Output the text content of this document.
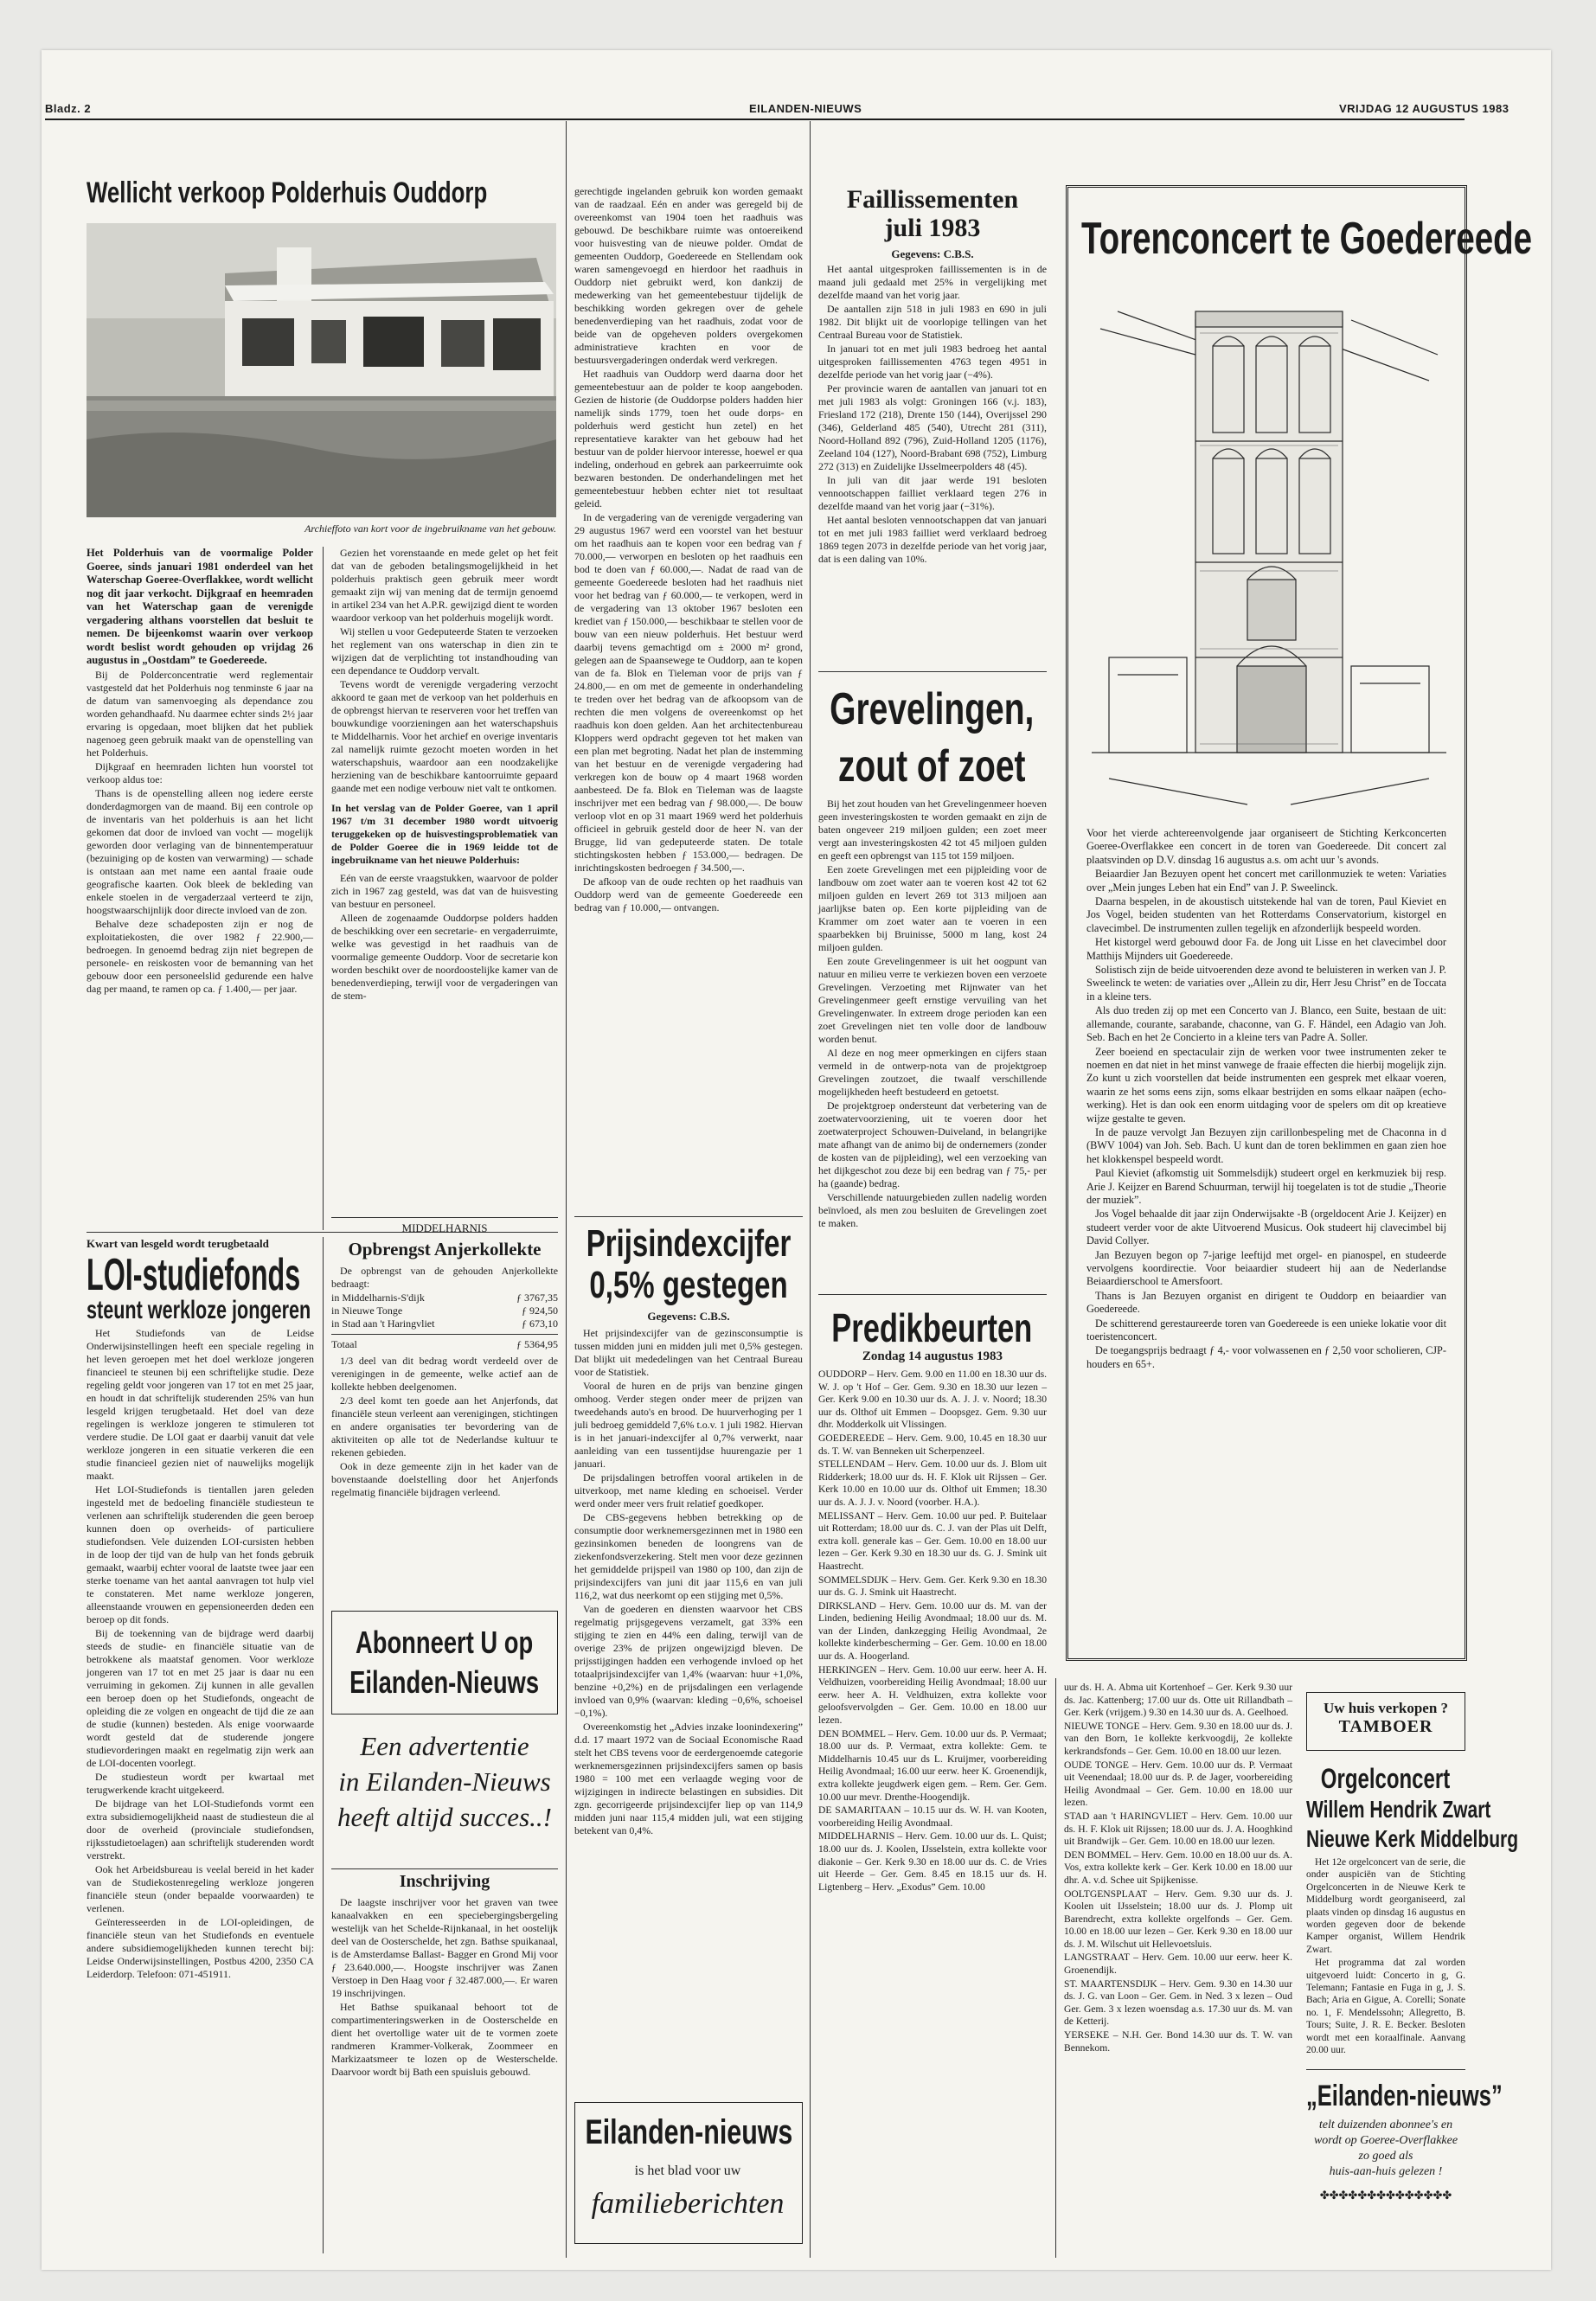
Bladz. 2	EILANDEN-NIEUWS	VRIJDAG 12 AUGUSTUS 1983
Wellicht verkoop Polderhuis Ouddorp
Archieffoto van kort voor de ingebruikname van het gebouw.

Het Polderhuis van de voormalige Polder Goeree, sinds januari 1981 onderdeel van het Waterschap Goeree-Overflakkee, wordt wellicht nog dit jaar verkocht. Dijkgraaf en heemraden van het Waterschap gaan de verenigde vergadering althans voorstellen dat besluit te nemen. De bijeenkomst waarin over verkoop wordt beslist wordt gehouden op vrijdag 26 augustus in „Oostdam” te Goedereede.

Bij de Polderconcentratie werd reglementair vastgesteld dat het Polderhuis nog tenminste 6 jaar na de datum van samenvoeging als dependance zou worden gehandhaafd. Nu daarmee echter sinds 2½ jaar ervaring is opgedaan, moet blijken dat het publiek nagenoeg geen gebruik maakt van de openstelling van het Polderhuis.

Dijkgraaf en heemraden lichten hun voorstel tot verkoop aldus toe:

Thans is de openstelling alleen nog iedere eerste donderdagmorgen van de maand. Bij een controle op de inventaris van het polderhuis is aan het licht gekomen dat door de invloed van vocht — mogelijk geworden door verlaging van de binnentemperatuur (bezuiniging op de kosten van verwarming) — schade is ontstaan aan met name een aantal fraaie oude geografische kaarten. Ook bleek de bekleding van enkele stoelen in de vergaderzaal verteerd te zijn, hoogstwaarschijnlijk door directe invloed van de zon.

Behalve deze schadeposten zijn er nog de exploitatiekosten, die over 1982 ƒ 22.900,— bedroegen. In genoemd bedrag zijn niet begrepen de personele- en reiskosten voor de bemanning van het gebouw door een personeelslid gedurende een halve dag per maand, te ramen op ca. ƒ 1.400,— per jaar.

Gezien het vorenstaande en mede gelet op het feit dat van de geboden betalingsmogelijkheid in het polderhuis praktisch geen gebruik meer wordt gemaakt zijn wij van mening dat de termijn genoemd in artikel 234 van het A.P.R. gewijzigd dient te worden waardoor verkoop van het polderhuis mogelijk wordt.

Wij stellen u voor Gedeputeerde Staten te verzoeken het reglement van ons waterschap in dien zin te wijzigen dat de verplichting tot instandhouding van een dependance te Ouddorp vervalt.

Tevens wordt de verenigde vergadering verzocht akkoord te gaan met de verkoop van het polderhuis en de opbrengst hiervan te reserveren voor het treffen van bouwkundige voorzieningen aan het waterschapshuis te Middelharnis. Voor het archief en overige inventaris zal namelijk ruimte gezocht moeten worden in het waterschapshuis, waardoor aan een noodzakelijke herziening van de beschikbare kantoorruimte gepaard gaande met een nodige verbouw niet valt te ontkomen.

In het verslag van de Polder Goeree, van 1 april 1967 t/m 31 december 1980 wordt uitvoerig teruggekeken op de huisvestingsproblematiek van de Polder Goeree die in 1969 leidde tot de ingebruikname van het nieuwe Polderhuis:

Eén van de eerste vraagstukken, waarvoor de polder zich in 1967 zag gesteld, was dat van de huisvesting van bestuur en personeel.

Alleen de zogenaamde Ouddorpse polders hadden de beschikking over een secretarie- en vergaderruimte, welke was gevestigd in het raadhuis van de voormalige gemeente Ouddorp. Voor de secretarie kon worden beschikt over de noordoostelijke kamer van de benedenverdieping, terwijl voor de vergaderingen van de stem-

gerechtigde ingelanden gebruik kon worden gemaakt van de raadzaal. Eén en ander was geregeld bij de overeenkomst van 1904 toen het raadhuis was gebouwd. De beschikbare ruimte was ontoereikend voor huisvesting van de nieuwe polder. Omdat de gemeenten Ouddorp, Goedereede en Stellendam ook waren samengevoegd en hierdoor het raadhuis in Ouddorp niet gebruikt werd, kon dankzij de medewerking van het gemeentebestuur tijdelijk de beschikking worden gekregen over de gehele benedenverdieping van het raadhuis, zodat voor de beide van de opgeheven polders overgekomen administratieve krachten en voor de bestuursvergaderingen onderdak werd verkregen.

Het raadhuis van Ouddorp werd daarna door het gemeentebestuur aan de polder te koop aangeboden. Gezien de historie (de Ouddorpse polders hadden hier namelijk sinds 1779, toen het oude dorps- en polderhuis werd gesticht hun zetel) en het representatieve karakter van het gebouw had het bestuur van de polder hiervoor interesse, hoewel er qua indeling, onderhoud en gebrek aan parkeerruimte ook bezwaren bestonden. De onderhandelingen met het gemeentebestuur hebben echter niet tot resultaat geleid.

In de vergadering van de verenigde vergadering van 29 augustus 1967 werd een voorstel van het bestuur om het raadhuis aan te kopen voor een bedrag van ƒ 70.000,— verworpen en besloten op het raadhuis een bod te doen van ƒ 60.000,—. Nadat de raad van de gemeente Goedereede besloten had het raadhuis niet voor het bedrag van ƒ 60.000,— te verkopen, werd in de vergadering van 13 oktober 1967 besloten een krediet van ƒ 150.000,— beschikbaar te stellen voor de bouw van een nieuw polderhuis. Het bestuur werd daarbij tevens gemachtigd om ± 2000 m² grond, gelegen aan de Spaansewege te Ouddorp, aan te kopen van de fa. Blok en Tieleman voor de prijs van ƒ 24.800,— en om met de gemeente in onderhandeling te treden over het bedrag van de afkoopsom van de rechten die men volgens de overeenkomst op het raadhuis kon doen gelden. Aan het architectenbureau Kloppers werd opdracht gegeven tot het maken van een plan met begroting. Nadat het plan de instemming van het bestuur en de verenigde vergadering had verkregen kon de bouw op 4 maart 1968 worden aanbesteed. De fa. Blok en Tieleman was de laagste inschrijver met een bedrag van ƒ 98.000,—. De bouw verloop vlot en op 31 maart 1969 werd het polderhuis officieel in gebruik gesteld door de heer N. van der Brugge, lid van gedeputeerde staten. De totale stichtingskosten hebben ƒ 153.000,— bedragen. De inrichtingskosten bedroegen ƒ 34.500,—.

De afkoop van de oude rechten op het raadhuis van Ouddorp werd van de gemeente Goedereede een bedrag van ƒ 10.000,— ontvangen.

Kwart van lesgeld wordt terugbetaald
LOI-studiefonds
steunt werkloze jongeren

Het Studiefonds van de Leidse Onderwijsinstellingen heeft een speciale regeling in het leven geroepen met het doel werkloze jongeren financieel te steunen bij een schriftelijke studie. Deze regeling geldt voor jongeren van 17 tot en met 25 jaar, en houdt in dat schriftelijk studerenden 25% van hun lesgeld krijgen terugbetaald. Het doel van deze regelingen is werkloze jongeren te stimuleren tot verdere studie. De LOI gaat er daarbij vanuit dat vele werkloze jongeren in een situatie verkeren die een studie financieel gezien niet of nauwelijks mogelijk maakt.

Het LOI-Studiefonds is tientallen jaren geleden ingesteld met de bedoeling financiële studiesteun te verlenen aan schriftelijk studerenden die geen beroep kunnen doen op overheids- of particuliere studiefondsen. Vele duizenden LOI-cursisten hebben in de loop der tijd van de hulp van het fonds gebruik gemaakt, waarbij echter vooral de laatste twee jaar een sterke toename van het aantal aanvragen tot hulp viel te constateren. Met name werkloze jongeren, alleenstaande vrouwen en gepensioneerden deden een beroep op dit fonds.

Bij de toekenning van de bijdrage werd daarbij steeds de studie- en financiële situatie van de betrokkene als maatstaf genomen. Voor werkloze jongeren van 17 tot en met 25 jaar is daar nu een verruiming in gekomen. Zij kunnen in alle gevallen een beroep doen op het Studiefonds, ongeacht de opleiding die ze volgen en ongeacht de tijd die ze aan de studie (kunnen) besteden. Als enige voorwaarde wordt gesteld dat de studerende jongere studievorderingen maakt en regelmatig zijn werk aan de LOI-docenten voorlegt.

De studiesteun wordt per kwartaal met terugwerkende kracht uitgekeerd.

De bijdrage van het LOI-Studiefonds vormt een extra subsidiemogelijkheid naast de studiesteun die al door de overheid (provinciale studiefondsen, rijksstudietoelagen) aan schriftelijk studerenden wordt verstrekt.

Ook het Arbeidsbureau is veelal bereid in het kader van de Studiekostenregeling werkloze jongeren financiële steun (onder bepaalde voorwaarden) te verlenen.

Geïnteresseerden in de LOI-opleidingen, de financiële steun van het Studiefonds en eventuele andere subsidiemogelijkheden kunnen terecht bij: Leidse Onderwijsinstellingen, Postbus 4200, 2350 CA Leiderdorp. Telefoon: 071-451911.

MIDDELHARNIS
Opbrengst Anjerkollekte

De opbrengst van de gehouden Anjerkollekte bedraagt:

in Middelharnis-S'dijk	ƒ 3767,35
in Nieuwe Tonge	ƒ 924,50
in Stad aan 't Haringvliet	ƒ 673,10
Totaal	ƒ 5364,95

1/3 deel van dit bedrag wordt verdeeld over de verenigingen in de gemeente, welke actief aan de kollekte hebben deelgenomen.

2/3 deel komt ten goede aan het Anjerfonds, dat financiële steun verleent aan verenigingen, stichtingen en andere organisaties ter bevordering van de aktiviteiten op alle tot de Nederlandse kultuur te rekenen gebieden.

Ook in deze gemeente zijn in het kader van de bovenstaande doelstelling door het Anjerfonds regelmatig financiële bijdragen verleend.

Abonneert U op
Eilanden-Nieuws
Een advertentie
in Eilanden-Nieuws
heeft altijd succes..!
Inschrijving

De laagste inschrijver voor het graven van twee kanaalvakken en een speciebergingsbergeling westelijk van het Schelde-Rijnkanaal, in het oostelijk deel van de Oosterschelde, het zgn. Bathse spuikanaal, is de Amsterdamse Ballast- Bagger en Grond Mij voor ƒ 23.640.000,—. Hoogste inschrijver was Zanen Verstoep in Den Haag voor ƒ 32.487.000,—. Er waren 19 inschrijvingen.

Het Bathse spuikanaal behoort tot de compartimenteringswerken in de Oosterschelde en dient het overtollige water uit de te vormen zoete randmeren Krammer-Volkerak, Zoommeer en Markizaatsmeer te lozen op de Westerschelde. Daarvoor wordt bij Bath een spuisluis gebouwd.

Faillissementen
juli 1983
Gegevens: C.B.S.

Het aantal uitgesproken faillissementen is in de maand juli gedaald met 25% in vergelijking met dezelfde maand van het vorig jaar.

De aantallen zijn 518 in juli 1983 en 690 in juli 1982. Dit blijkt uit de voorlopige tellingen van het Centraal Bureau voor de Statistiek.

In januari tot en met juli 1983 bedroeg het aantal uitgesproken faillissementen 4763 tegen 4951 in dezelfde periode van het vorig jaar (−4%).

Per provincie waren de aantallen van januari tot en met juli 1983 als volgt: Groningen 166 (v.j. 183), Friesland 172 (218), Drente 150 (144), Overijssel 290 (346), Gelderland 485 (540), Utrecht 281 (311), Noord-Holland 892 (796), Zuid-Holland 1205 (1176), Zeeland 104 (127), Noord-Brabant 698 (752), Limburg 272 (313) en Zuidelijke IJsselmeerpolders 48 (45).

In juli van dit jaar werde 191 besloten vennootschappen failliet verklaard tegen 276 in dezelfde maand van het vorig jaar (−31%).

Het aantal besloten vennootschappen dat van januari tot en met juli 1983 failliet werd verklaard bedroeg 1869 tegen 2073 in dezelfde periode van het vorig jaar, dat is een daling van 10%.

Grevelingen,
zout of zoet

Bij het zout houden van het Grevelingenmeer hoeven geen investeringskosten te worden gemaakt en zijn de baten ongeveer 219 miljoen gulden; een zoet meer vergt aan investeringskosten 42 tot 45 miljoen gulden en geeft een opbrengst van 115 tot 159 miljoen.

Een zoete Grevelingen met een pijpleiding voor de landbouw om zoet water aan te voeren kost 42 tot 62 miljoen gulden en levert 269 tot 313 miljoen aan jaarlijkse baten op. Een korte pijpleiding van de Krammer om zoet water aan te voeren in een spaarbekken bij Bruinisse, 5000 m lang, kost 24 miljoen gulden.

Een zoute Grevelingenmeer is uit het oogpunt van natuur en milieu verre te verkiezen boven een verzoete Grevelingen. Verzoeting met Rijnwater van het Grevelingenmeer geeft ernstige vervuiling van het Grevelingenwater. In extreem droge perioden kan een zoet Grevelingen niet ten volle door de landbouw worden benut.

Al deze en nog meer opmerkingen en cijfers staan vermeld in de ontwerp-nota van de projektgroep Grevelingen zoutzoet, die twaalf verschillende mogelijkheden heeft bestudeerd en getoetst.

De projektgroep ondersteunt dat verbetering van de zoetwatervoorziening, uit te voeren door het zoetwaterproject Schouwen-Duiveland, in belangrijke mate afhangt van de animo bij de ondernemers (zonder de kosten van de pijpleiding), wel een verzoeking van het dijkgeschot zou deze bij een bedrag van ƒ 75,- per ha (gaande) bedrag.

Verschillende natuurgebieden zullen nadelig worden beïnvloed, als men zou besluiten de Grevelingen zoet te maken.

Prijsindexcijfer
0,5% gestegen
Gegevens: C.B.S.

Het prijsindexcijfer van de gezinsconsumptie is tussen midden juni en midden juli met 0,5% gestegen. Dat blijkt uit mededelingen van het Centraal Bureau voor de Statistiek.

Vooral de huren en de prijs van benzine gingen omhoog. Verder stegen onder meer de prijzen van tweedehands auto's en brood. De huurverhoging per 1 juli bedroeg gemiddeld 7,6% t.o.v. 1 juli 1982. Hiervan is in het januari-indexcijfer al 0,7% verwerkt, naar aanleiding van een tussentijdse huurengazie per 1 januari.

De prijsdalingen betroffen vooral artikelen in de uitverkoop, met name kleding en schoeisel. Verder werd onder meer vers fruit relatief goedkoper.

De CBS-gegevens hebben betrekking op de consumptie door werknemersgezinnen met in 1980 een gezinsinkomen beneden de loongrens van de ziekenfondsverzekering. Stelt men voor deze gezinnen het gemiddelde prijspeil van 1980 op 100, dan zijn de prijsindexcijfers van juni dit jaar 115,6 en van juli 116,2, wat dus neerkomt op een stijging met 0,5%.

Van de goederen en diensten waarvoor het CBS regelmatig prijsgegevens verzamelt, gat 33% een stijging te zien en 44% een daling, terwijl van de overige 23% de prijzen ongewijzigd bleven. De prijsstijgingen hadden een verhogende invloed op het totaalprijsindexcijfer van 1,4% (waarvan: huur +1,0%, benzine +0,2%) en de prijsdalingen een verlagende invloed van 0,9% (waarvan: kleding −0,6%, schoeisel −0,1%).

Overeenkomstig het „Advies inzake loonindexering” d.d. 17 maart 1972 van de Sociaal Economische Raad stelt het CBS tevens voor de eerdergenoemde categorie werknemersgezinnen prijsindexcijfers samen op basis 1980 = 100 met een verlaagde weging voor de wijzigingen in indirecte belastingen en subsidies. Dit zgn. gecorrigeerde prijsindexcijfer liep op van 114,9 midden juni naar 115,4 midden juli, wat een stijging betekent van 0,4%.

Eilanden-nieuws
is het blad voor uw
familieberichten
Predikbeurten
Zondag 14 augustus 1983

OUDDORP – Herv. Gem. 9.00 en 11.00 en 18.30 uur ds. W. J. op 't Hof – Ger. Gem. 9.30 en 18.30 uur lezen – Ger. Kerk 9.00 en 10.30 uur ds. A. J. J. v. Noord; 18.30 uur ds. Olthof uit Emmen – Doopsgez. Gem. 9.30 uur dhr. Modderkolk uit Vlissingen.

GOEDEREEDE – Herv. Gem. 9.00, 10.45 en 18.30 uur ds. T. W. van Benneken uit Scherpenzeel.

STELLENDAM – Herv. Gem. 10.00 uur ds. J. Blom uit Ridderkerk; 18.00 uur ds. H. F. Klok uit Rijssen – Ger. Kerk 10.00 en 10.00 uur ds. Olthof uit Emmen; 18.30 uur ds. A. J. J. v. Noord (voorber. H.A.).

MELISSANT – Herv. Gem. 10.00 uur ped. P. Buitelaar uit Rotterdam; 18.00 uur ds. C. J. van der Plas uit Delft, extra koll. generale kas – Ger. Gem. 10.00 en 18.00 uur lezen – Ger. Kerk 9.30 en 18.30 uur ds. G. J. Smink uit Haastrecht.

SOMMELSDIJK – Herv. Gem. Ger. Kerk 9.30 en 18.30 uur ds. G. J. Smink uit Haastrecht.

DIRKSLAND – Herv. Gem. 10.00 uur ds. M. van der Linden, bediening Heilig Avondmaal; 18.00 uur ds. M. van der Linden, dankzegging Heilig Avondmaal, 2e kollekte kinderbescherming – Ger. Gem. 10.00 en 18.00 uur ds. A. Hoogerland.

HERKINGEN – Herv. Gem. 10.00 uur eerw. heer A. H. Veldhuizen, voorbereiding Heilig Avondmaal; 18.00 uur eerw. heer A. H. Veldhuizen, extra kollekte voor geloofsvervolgden – Ger. Gem. 10.00 en 18.00 uur lezen.

DEN BOMMEL – Herv. Gem. 10.00 uur ds. P. Vermaat; 18.00 uur ds. P. Vermaat, extra kollekte: Gem. te Middelharnis 10.45 uur ds L. Kruijmer, voorbereiding Heilig Avondmaal; 16.00 uur eerw. heer K. Groenendijk, extra kollekte jeugdwerk eigen gem. – Rem. Ger. Gem. 10.00 uur mevr. Drenthe-Hoogendijk.

DE SAMARITAAN – 10.15 uur ds. W. H. van Kooten, voorbereiding Heilig Avondmaal.

MIDDELHARNIS – Herv. Gem. 10.00 uur ds. L. Quist; 18.00 uur ds. J. Koolen, IJsselstein, extra kollekte voor diakonie – Ger. Kerk 9.30 en 18.00 uur ds. C. de Vries uit Heerde – Ger. Gem. 8.45 en 18.15 uur ds. H. Ligtenberg – Herv. „Exodus” Gem. 10.00

uur ds. H. A. Abma uit Kortenhoef – Ger. Kerk 9.30 uur ds. Jac. Kattenberg; 17.00 uur ds. Otte uit Rillandbath – Ger. Kerk (vrijgem.) 9.30 en 14.30 uur ds. A. Geelhoed.

NIEUWE TONGE – Herv. Gem. 9.30 en 18.00 uur ds. J. van den Born, 1e kollekte kerkvoogdij, 2e kollekte kerkrandsfonds – Ger. Gem. 10.00 en 18.00 uur lezen.

OUDE TONGE – Herv. Gem. 10.00 uur ds. P. Vermaat uit Veenendaal; 18.00 uur ds. P. de Jager, voorbereiding Heilig Avondmaal – Ger. Gem. 10.00 en 18.00 uur lezen.

STAD aan 't HARINGVLIET – Herv. Gem. 10.00 uur ds. H. F. Klok uit Rijssen; 18.00 uur ds. J. A. Hooghkind uit Brandwijk – Ger. Gem. 10.00 en 18.00 uur lezen.

DEN BOMMEL – Herv. Gem. 10.00 en 18.00 uur ds. A. Vos, extra kollekte kerk – Ger. Kerk 10.00 en 18.00 uur dhr. A. v.d. Schee uit Spijkenisse.

OOLTGENSPLAAT – Herv. Gem. 9.30 uur ds. J. Koolen uit IJsselstein; 18.00 uur ds. J. Plomp uit Barendrecht, extra kollekte orgelfonds – Ger. Gem. 10.00 en 18.00 uur lezen – Ger. Kerk 9.30 en 18.00 uur ds. J. M. Wilschut uit Hellevoetsluis.

LANGSTRAAT – Herv. Gem. 10.00 uur eerw. heer K. Groenendijk.

ST. MAARTENSDIJK – Herv. Gem. 9.30 en 14.30 uur ds. J. G. van Loon – Ger. Gem. in Ned. 3 x lezen – Oud Ger. Gem. 3 x lezen woensdag a.s. 17.30 uur ds. M. van de Ketterij.

YERSEKE – N.H. Ger. Bond 14.30 uur ds. T. W. van Bennekom.

Torenconcert te Goedereede

Voor het vierde achtereenvolgende jaar organiseert de Stichting Kerkconcerten Goeree-Overflakkee een concert in de toren van Goedereede. Dit concert zal plaatsvinden op D.V. dinsdag 16 augustus a.s. om acht uur 's avonds.

Beiaardier Jan Bezuyen opent het concert met carillonmuziek te weten: Variaties over „Mein junges Leben hat ein End” van J. P. Sweelinck.

Daarna bespelen, in de akoustisch uitstekende hal van de toren, Paul Kieviet en Jos Vogel, beiden studenten van het Rotterdams Conservatorium, kistorgel en clavecimbel. De instrumenten zullen tegelijk en afzonderlijk bespeeld worden.

Het kistorgel werd gebouwd door Fa. de Jong uit Lisse en het clavecimbel door Matthijs Mijnders uit Goedereede.

Solistisch zijn de beide uitvoerenden deze avond te beluisteren in werken van J. P. Sweelinck te weten: de variaties over „Allein zu dir, Herr Jesu Christ” en de Toccata in a kleine ters.

Als duo treden zij op met een Concerto van J. Blanco, een Suite, bestaan de uit: allemande, courante, sarabande, chaconne, van G. F. Händel, een Adagio van Joh. Seb. Bach en het 2e Concierto in a kleine ters van Padre A. Soller.

Zeer boeiend en spectaculair zijn de werken voor twee instrumenten zeker te noemen en dat niet in het minst vanwege de fraaie effecten die hierbij mogelijk zijn. Zo kunt u zich voorstellen dat beide instrumenten een gesprek met elkaar voeren, waarin ze het soms eens zijn, soms elkaar bestrijden en soms elkaar naäpen (echo-werking). Het is dan ook een enorm uitdaging voor de spelers om dit op kreatieve wijze gestalte te geven.

In de pauze vervolgt Jan Bezuyen zijn carillonbespeling met de Chaconna in d (BWV 1004) van Joh. Seb. Bach. U kunt dan de toren beklimmen en gaan zien hoe het klokkenspel bespeeld wordt.

Paul Kieviet (afkomstig uit Sommelsdijk) studeert orgel en kerkmuziek bij resp. Arie J. Keijzer en Barend Schuurman, terwijl hij toegelaten is tot de studie „Theorie der muziek”.

Jos Vogel behaalde dit jaar zijn Onderwijsakte -B (orgeldocent Arie J. Keijzer) en studeert verder voor de akte Uitvoerend Musicus. Ook studeert hij clavecimbel bij David Collyer.

Jan Bezuyen begon op 7-jarige leeftijd met orgel- en pianospel, en studeerde vervolgens koordirectie. Voor beiaardier studeert hij aan de Nederlandse Beiaardierschool te Amersfoort.

Thans is Jan Bezuyen organist en dirigent te Ouddorp en beiaardier van Goedereede.

De schitterend gerestaureerde toren van Goedereede is een unieke lokatie voor dit toeristenconcert.

De toegangsprijs bedraagt ƒ 4,- voor volwassenen en ƒ 2,50 voor scholieren, CJP-houders en 65+.

Uw huis verkopen ?
TAMBOER
Orgelconcert
Willem Hendrik Zwart
Nieuwe Kerk Middelburg

Het 12e orgelconcert van de serie, die onder auspiciën van de Stichting Orgelconcerten in de Nieuwe Kerk te Middelburg wordt georganiseerd, zal plaats vinden op dinsdag 16 augustus en worden gegeven door de bekende Kamper organist, Willem Hendrik Zwart.

Het programma dat zal worden uitgevoerd luidt: Concerto in g, G. Telemann; Fantasie en Fuga in g, J. S. Bach; Aria en Gigue, A. Corelli; Sonate no. 1, F. Mendelssohn; Allegretto, B. Tours; Suite, J. R. E. Becker. Besloten wordt met een koraalfinale. Aanvang 20.00 uur.

„Eilanden-nieuws”
telt duizenden abonnee's en
wordt op Goeree-Overflakkee
zo goed als
huis-aan-huis gelezen !
✤✤✤✤✤✤✤✤✤✤✤✤✤✤
